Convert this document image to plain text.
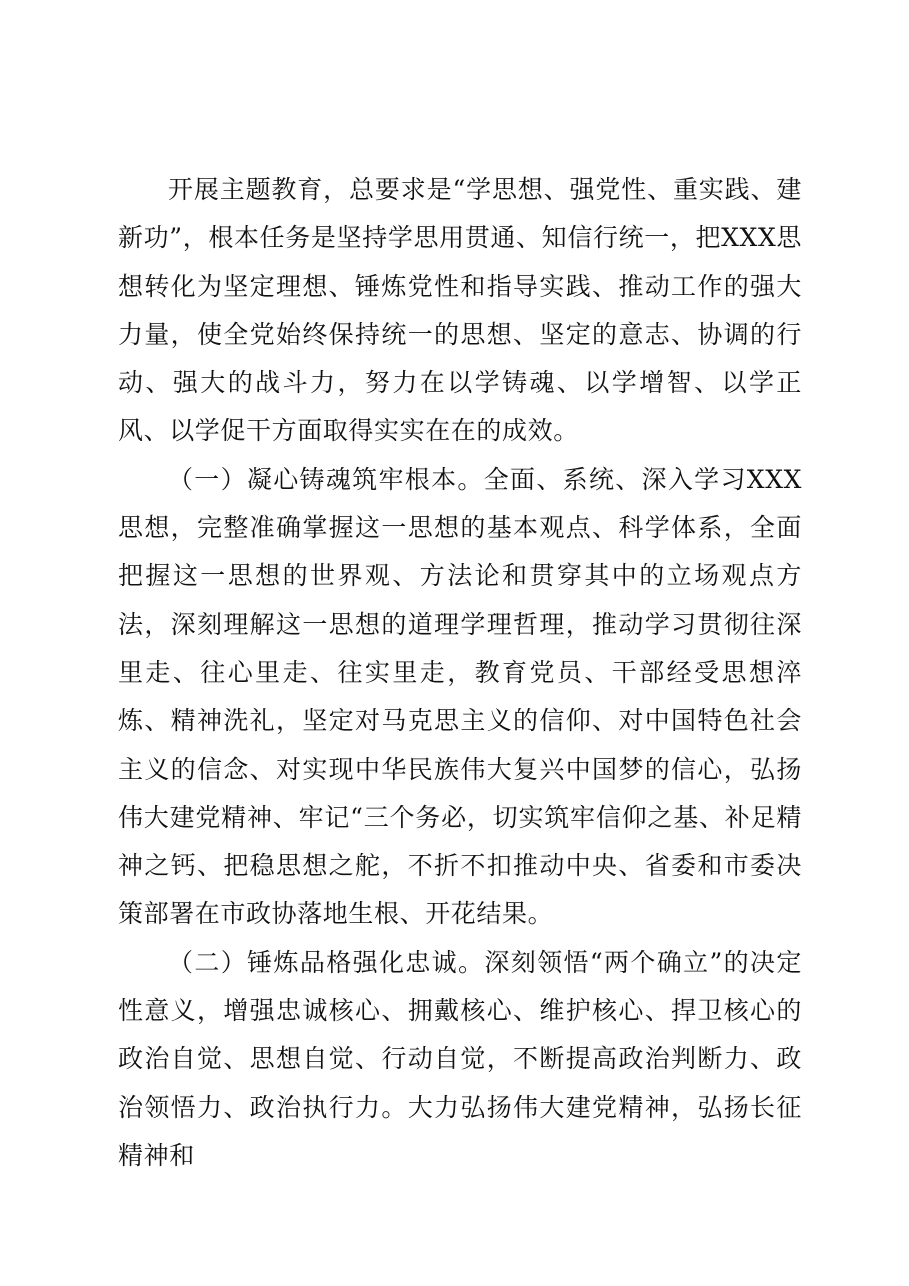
开展主题教育，总要求是“学思想、强党性、重实践、建新功”，根本任务是坚持学思用贯通、知信行统一，把XXX思想转化为坚定理想、锤炼党性和指导实践、推动工作的强大力量，使全党始终保持统一的思想、坚定的意志、协调的行动、强大的战斗力，努力在以学铸魂、以学增智、以学正风、以学促干方面取得实实在在的成效。

（一）凝心铸魂筑牢根本。全面、系统、深入学习XXX思想，完整准确掌握这一思想的基本观点、科学体系，全面把握这一思想的世界观、方法论和贯穿其中的立场观点方法，深刻理解这一思想的道理学理哲理，推动学习贯彻往深里走、往心里走、往实里走，教育党员、干部经受思想淬炼、精神洗礼，坚定对马克思主义的信仰、对中国特色社会主义的信念、对实现中华民族伟大复兴中国梦的信心，弘扬伟大建党精神、牢记“三个务必，切实筑牢信仰之基、补足精神之钙、把稳思想之舵，不折不扣推动中央、省委和市委决策部署在市政协落地生根、开花结果。

（二）锤炼品格强化忠诚。深刻领悟“两个确立”的决定性意义，增强忠诚核心、拥戴核心、维护核心、捍卫核心的政治自觉、思想自觉、行动自觉，不断提高政治判断力、政治领悟力、政治执行力。大力弘扬伟大建党精神，弘扬长征精神和
